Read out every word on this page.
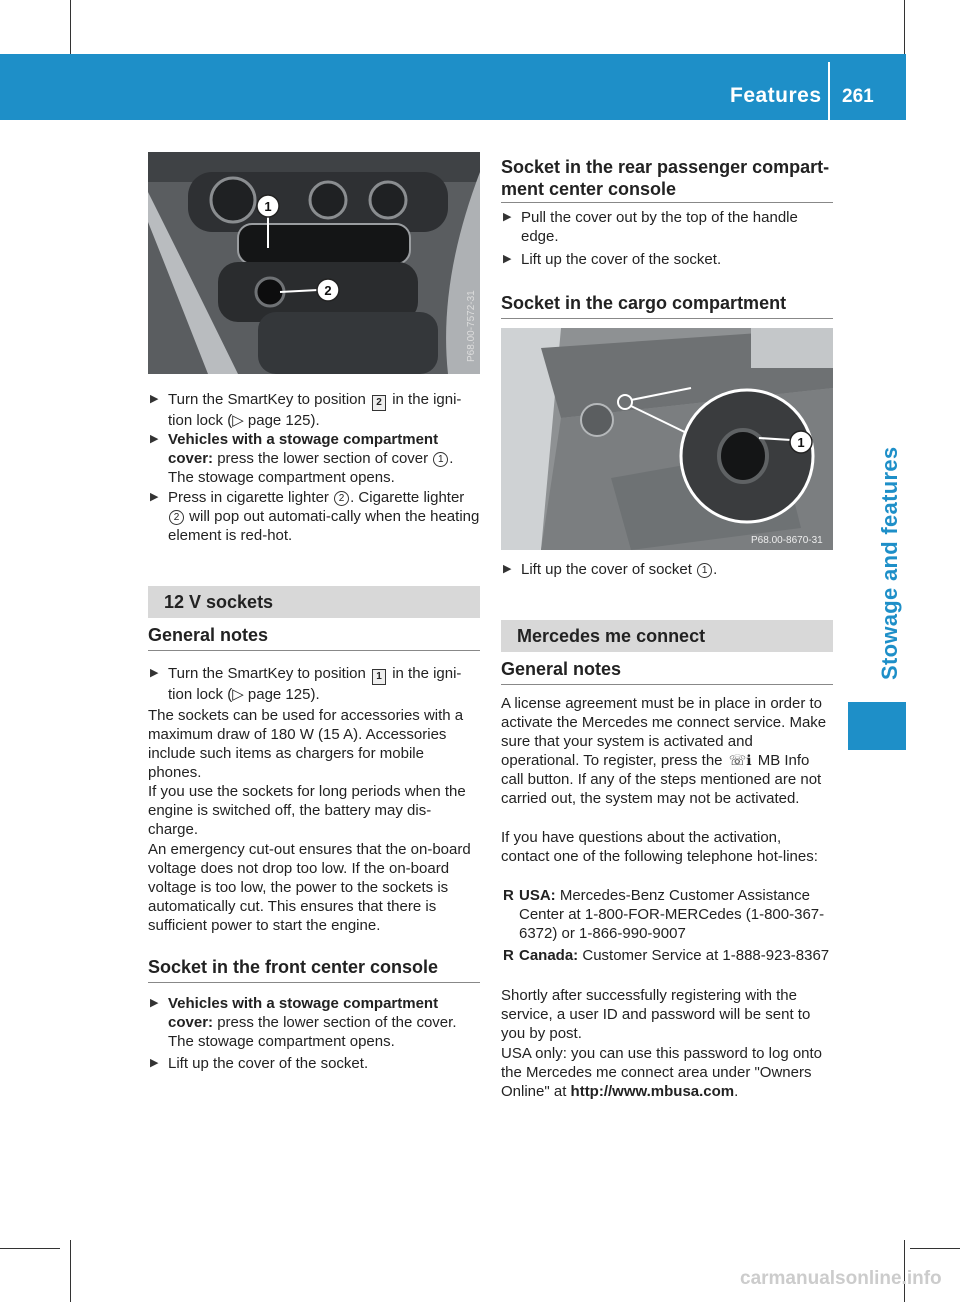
Features 261
Stowage and features
1
2	P68.00-7572-31
▶ Turn the SmartKey to position 2 in the igni-tion lock (▷ page 125).
▶ Vehicles with a stowage compartment cover: press the lower section of cover 1 . The stowage compartment opens.
▶ Press in cigarette lighter 2 . Cigarette lighter 2 will pop out automati-cally when the heating element is red-hot.
12 V sockets
General notes
▶ Turn the SmartKey to position 1 in the igni-tion lock (▷ page 125).
The sockets can be used for accessories with a maximum draw of 180 W (15 A). Accessories include such items as chargers for mobile phones.
If you use the sockets for long periods when the engine is switched off, the battery may dis-charge.
An emergency cut-out ensures that the on-board voltage does not drop too low. If the on-board voltage is too low, the power to the sockets is automatically cut. This ensures that there is sufficient power to start the engine.
Socket in the front center console
▶ Vehicles with a stowage compartment cover: press the lower section of the cover. The stowage compartment opens.
▶ Lift up the cover of the socket.
Socket in the rear passenger compart-ment center console
▶ Pull the cover out by the top of the handle edge.
▶ Lift up the cover of the socket.
Socket in the cargo compartment
1
P68.00-8670-31
▶ Lift up the cover of socket 1 .
Mercedes me connect
General notes
A license agreement must be in place in order to activate the Mercedes me connect service. Make sure that your system is activated and operational. To register, press the ☏ℹ MB Info call button. If any of the steps mentioned are not carried out, the system may not be activated.
If you have questions about the activation, contact one of the following telephone hot-lines:
R USA: Mercedes-Benz Customer Assistance Center at 1-800-FOR-MERCedes (1-800-367-6372) or 1-866-990-9007
R Canada: Customer Service at 1-888-923-8367
Shortly after successfully registering with the service, a user ID and password will be sent to you by post.
USA only: you can use this password to log onto the Mercedes me connect area under "Owners Online" at http://www.mbusa.com.
carmanualsonline.info
